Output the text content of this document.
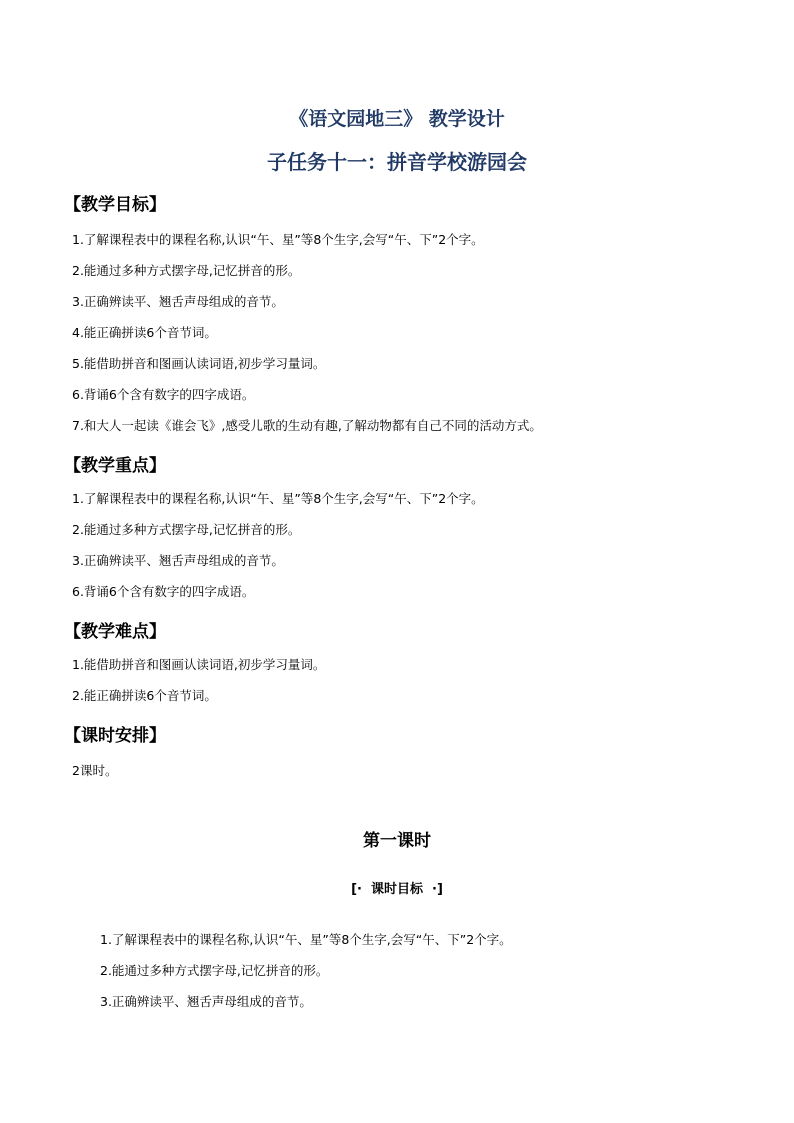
《语文园地三》 教学设计
子任务十一：拼音学校游园会
【教学目标】

1.了解课程表中的课程名称,认识“午、星”等8个生字,会写“午、下”2个字。

2.能通过多种方式摆字母,记忆拼音的形。

3.正确辨读平、翘舌声母组成的音节。

4.能正确拼读6个音节词。

5.能借助拼音和图画认读词语,初步学习量词。

6.背诵6个含有数字的四字成语。

7.和大人一起读《谁会飞》,感受儿歌的生动有趣,了解动物都有自己不同的活动方式。

【教学重点】

1.了解课程表中的课程名称,认识“午、星”等8个生字,会写“午、下”2个字。

2.能通过多种方式摆字母,记忆拼音的形。

3.正确辨读平、翘舌声母组成的音节。

6.背诵6个含有数字的四字成语。

【教学难点】

1.能借助拼音和图画认读词语,初步学习量词。

2.能正确拼读6个音节词。

【课时安排】

2课时。

第一课时

[·  课时目标  ·]

1.了解课程表中的课程名称,认识“午、星”等8个生字,会写“午、下”2个字。

2.能通过多种方式摆字母,记忆拼音的形。

3.正确辨读平、翘舌声母组成的音节。
